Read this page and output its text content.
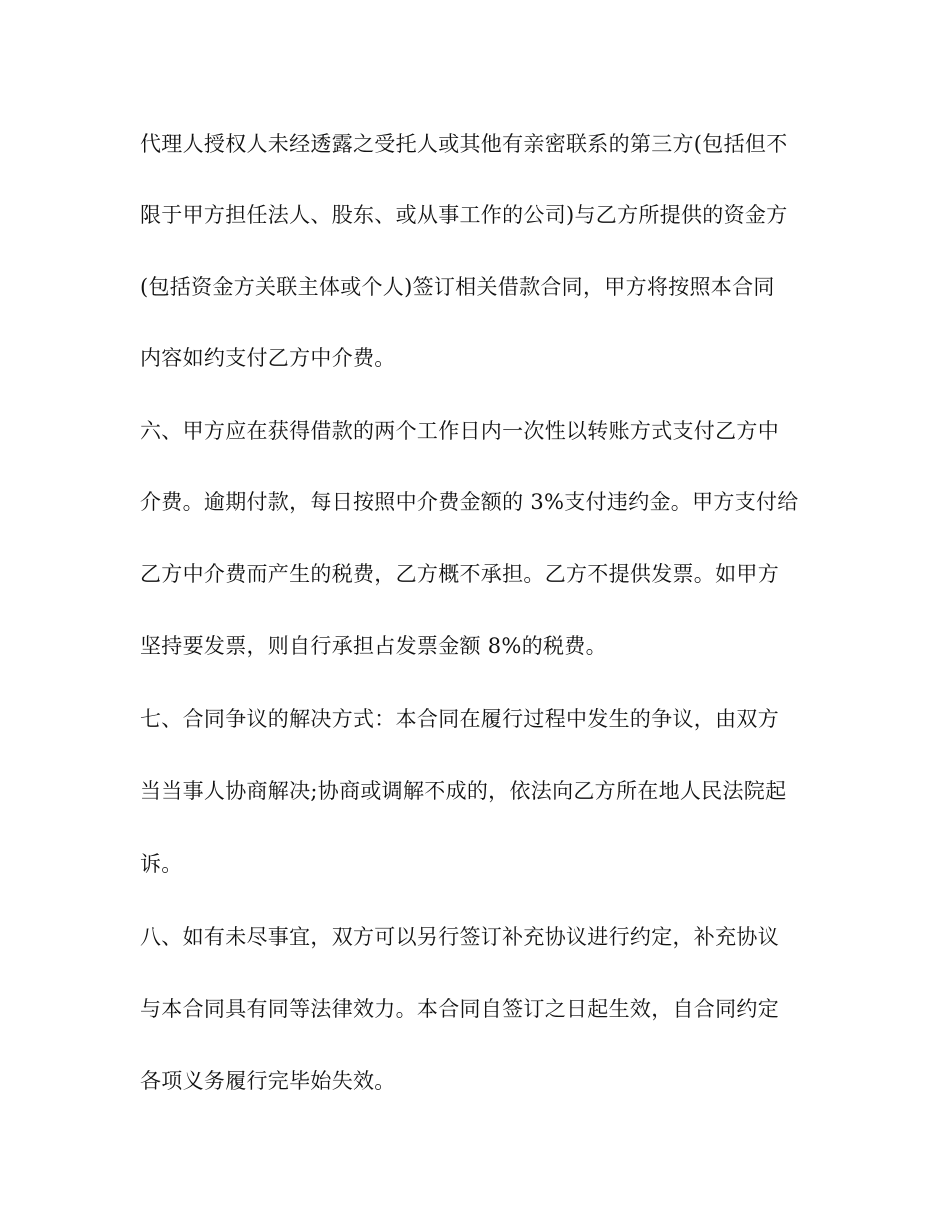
代理人授权人未经透露之受托人或其他有亲密联系的第三方(包括但不
限于甲方担任法人、股东、或从事工作的公司)与乙方所提供的资金方
(包括资金方关联主体或个人)签订相关借款合同，甲方将按照本合同
内容如约支付乙方中介费。
六、甲方应在获得借款的两个工作日内一次性以转账方式支付乙方中
介费。逾期付款，每日按照中介费金额的 3%支付违约金。甲方支付给
乙方中介费而产生的税费，乙方概不承担。乙方不提供发票。如甲方
坚持要发票，则自行承担占发票金额 8%的税费。
七、合同争议的解决方式：本合同在履行过程中发生的争议，由双方
当当事人协商解决;协商或调解不成的，依法向乙方所在地人民法院起
诉。
八、如有未尽事宜，双方可以另行签订补充协议进行约定，补充协议
与本合同具有同等法律效力。本合同自签订之日起生效，自合同约定
各项义务履行完毕始失效。
